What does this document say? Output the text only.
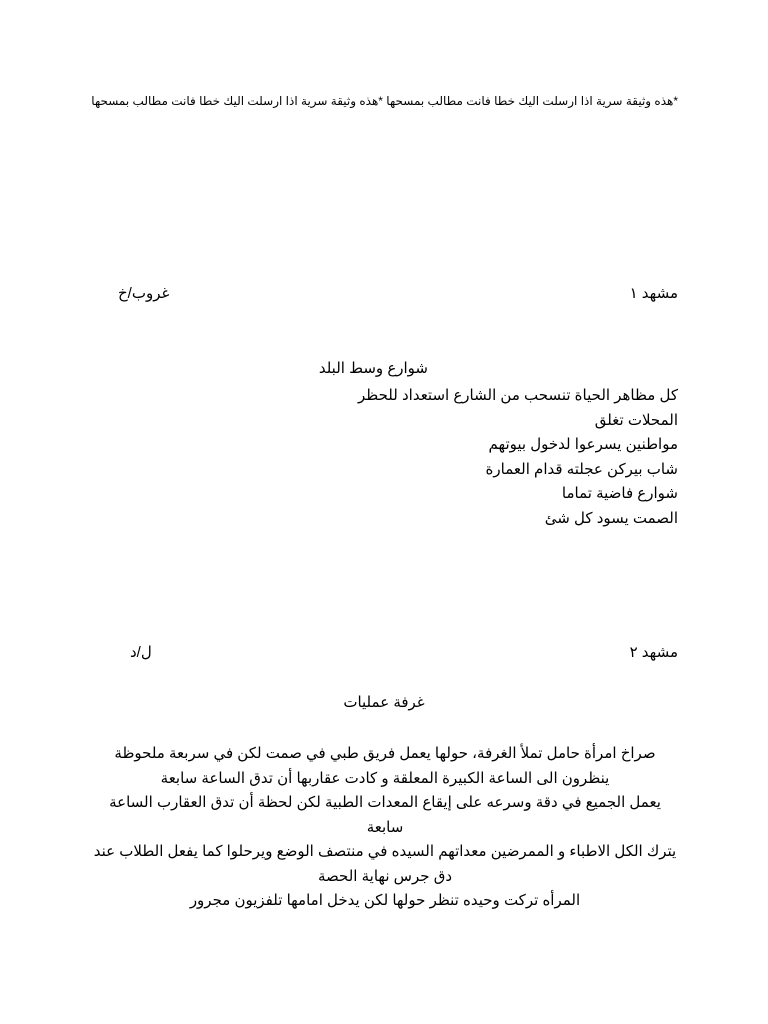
*هذه وثيقة سرية اذا ارسلت اليك خطا فانت مطالب بمسحها *هذه وثيقة سرية اذا ارسلت اليك خطا فانت مطالب بمسحها
مشهد ١
غروب/خ
شوارع وسط البلد
كل مظاهر الحياة تنسحب من الشارع استعداد للحظر
المحلات تغلق
مواطنين يسرعوا لدخول بيوتهم
شاب بيركن عجلته قدام العمارة
شوارع فاضية تماما
الصمت يسود كل شئ
مشهد ٢
ل/د
غرفة عمليات
صراخ امرأة حامل تملأ الغرفة، حولها يعمل فريق طبي في صمت لكن في سربعة ملحوظة
ينظرون الى الساعة الكبيرة المعلقة و كادت عقاربها أن تدق الساعة سابعة
يعمل الجميع في دقة وسرعه على إيقاع المعدات الطبية لكن لحظة أن تدق العقارب الساعة سابعة
يترك الكل الاطباء و الممرضين معداتهم السيده في منتصف الوضع ويرحلوا كما يفعل الطلاب عند دق جرس نهاية الحصة
المرأه تركت وحيده تنظر حولها لكن يدخل امامها تلفزيون مجرور
